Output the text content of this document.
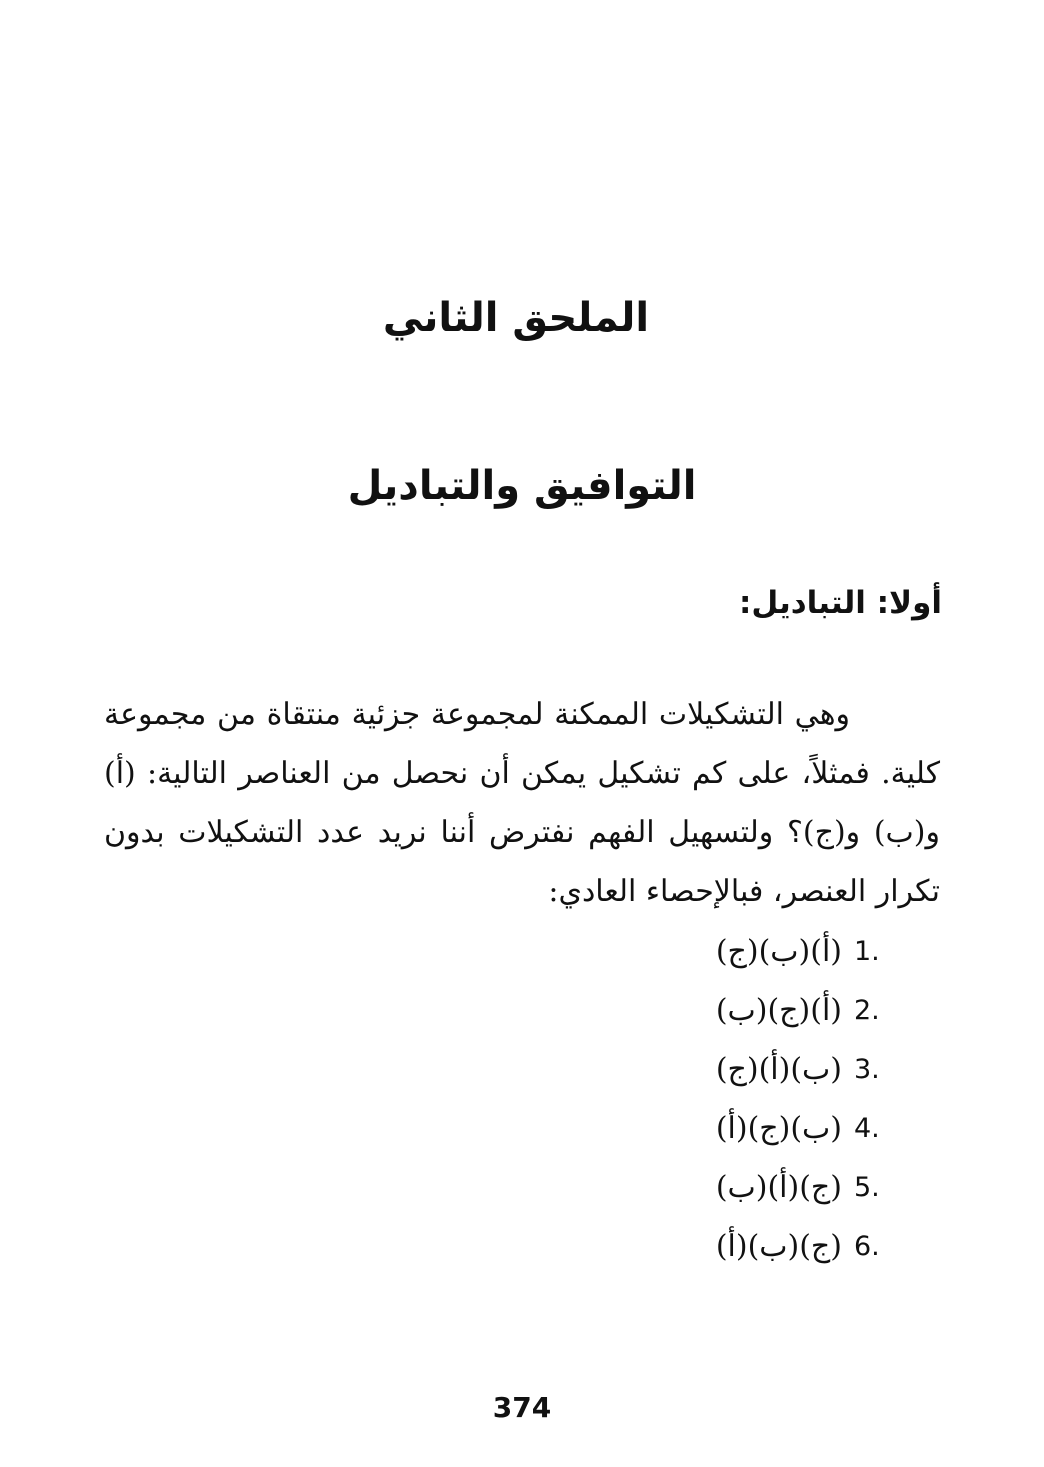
الملحق الثاني
التوافيق والتباديل
أولا: التباديل:

وهي التشكيلات الممكنة لمجموعة جزئية منتقاة من مجموعة كلية. فمثلاً، على كم تشكيل يمكن أن نحصل من العناصر التالية: (أ) و(ب) و(ج)؟ ولتسهيل الفهم نفترض أننا نريد عدد التشكيلات بدون تكرار العنصر، فبالإحصاء العادي:

1.
(أ)(ب)(ج)
2.
(أ)(ج)(ب)
3.
(ب)(أ)(ج)
4.
(ب)(ج)(أ)
5.
(ج)(أ)(ب)
6.
(ج)(ب)(أ)
374
